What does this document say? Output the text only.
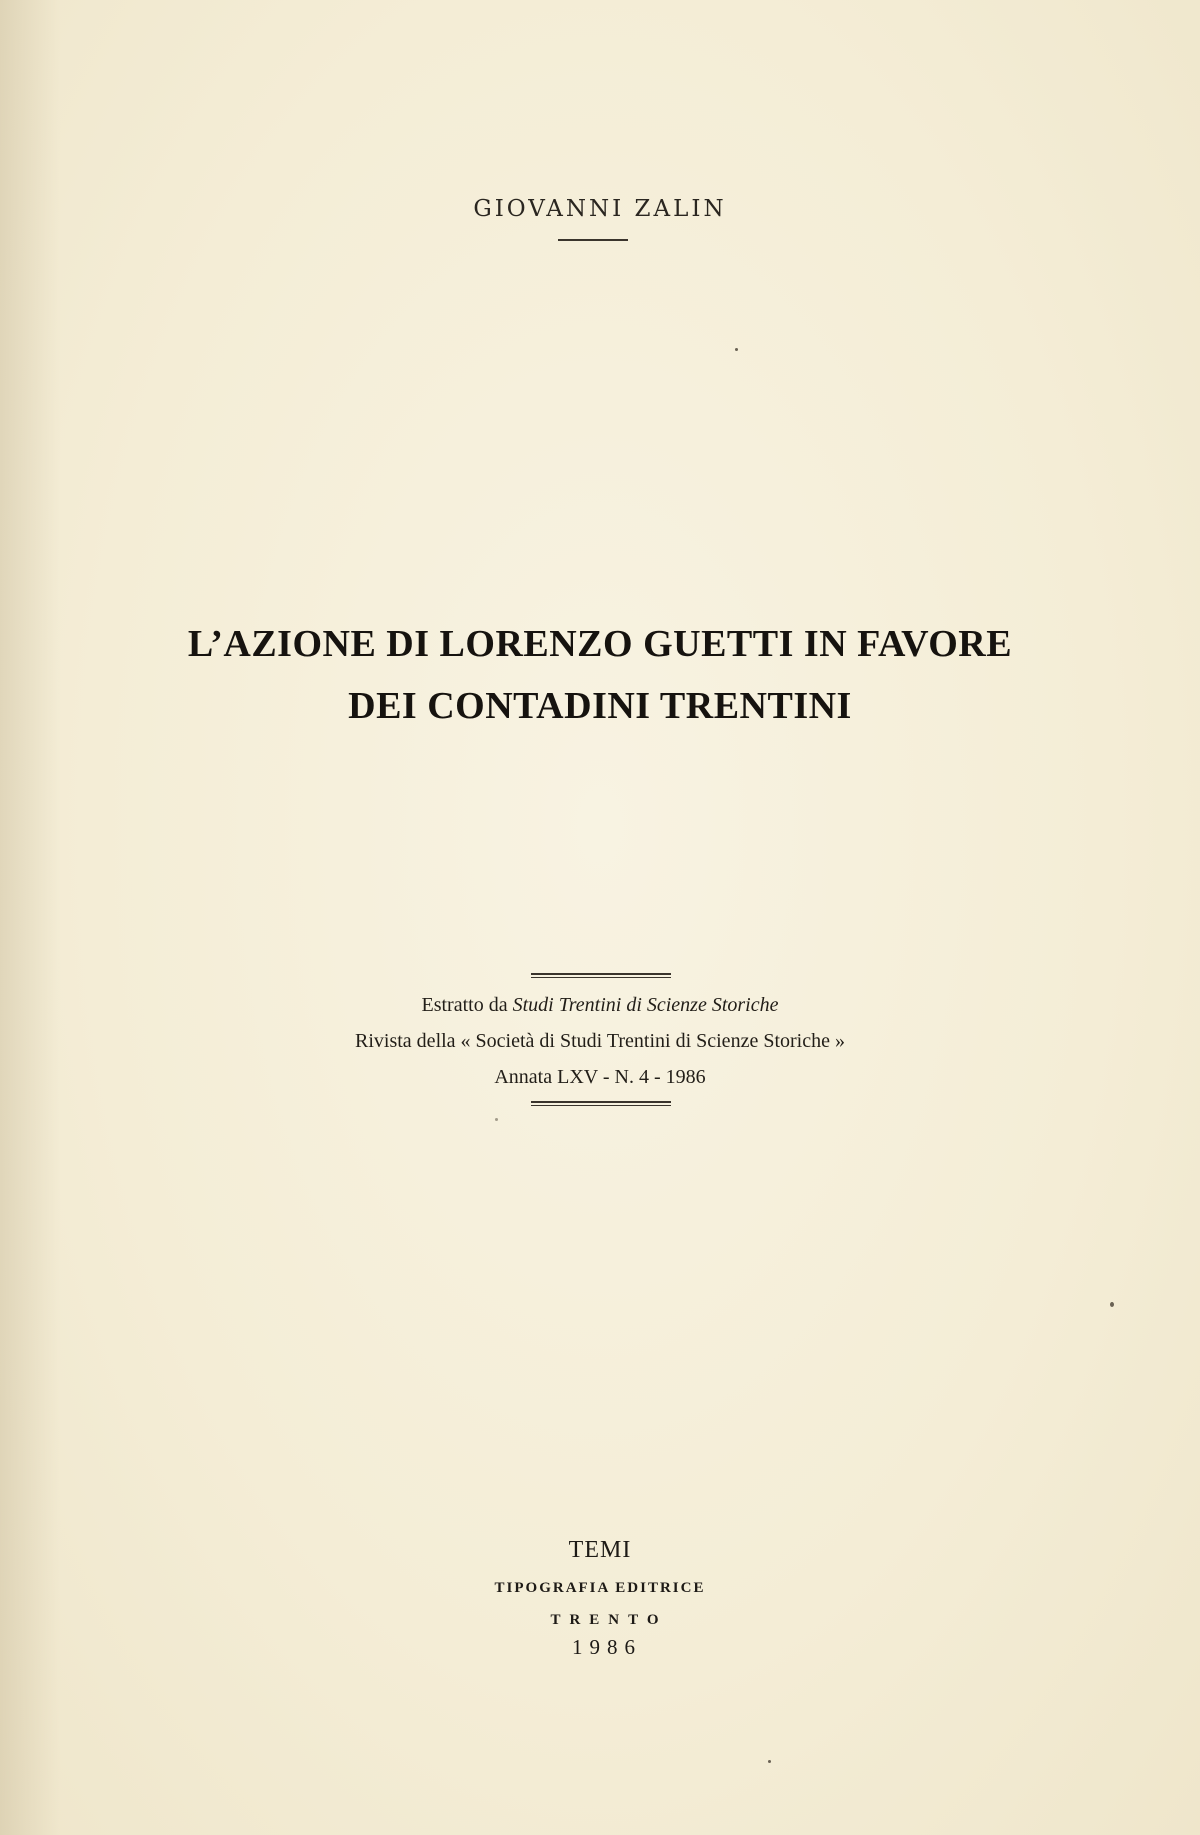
GIOVANNI ZALIN
L’AZIONE DI LORENZO GUETTI IN FAVORE
DEI CONTADINI TRENTINI
Estratto da Studi Trentini di Scienze Storiche
Rivista della « Società di Studi Trentini di Scienze Storiche »
Annata LXV - N. 4 - 1986
TEMI
TIPOGRAFIA EDITRICE
TRENTO
1986
